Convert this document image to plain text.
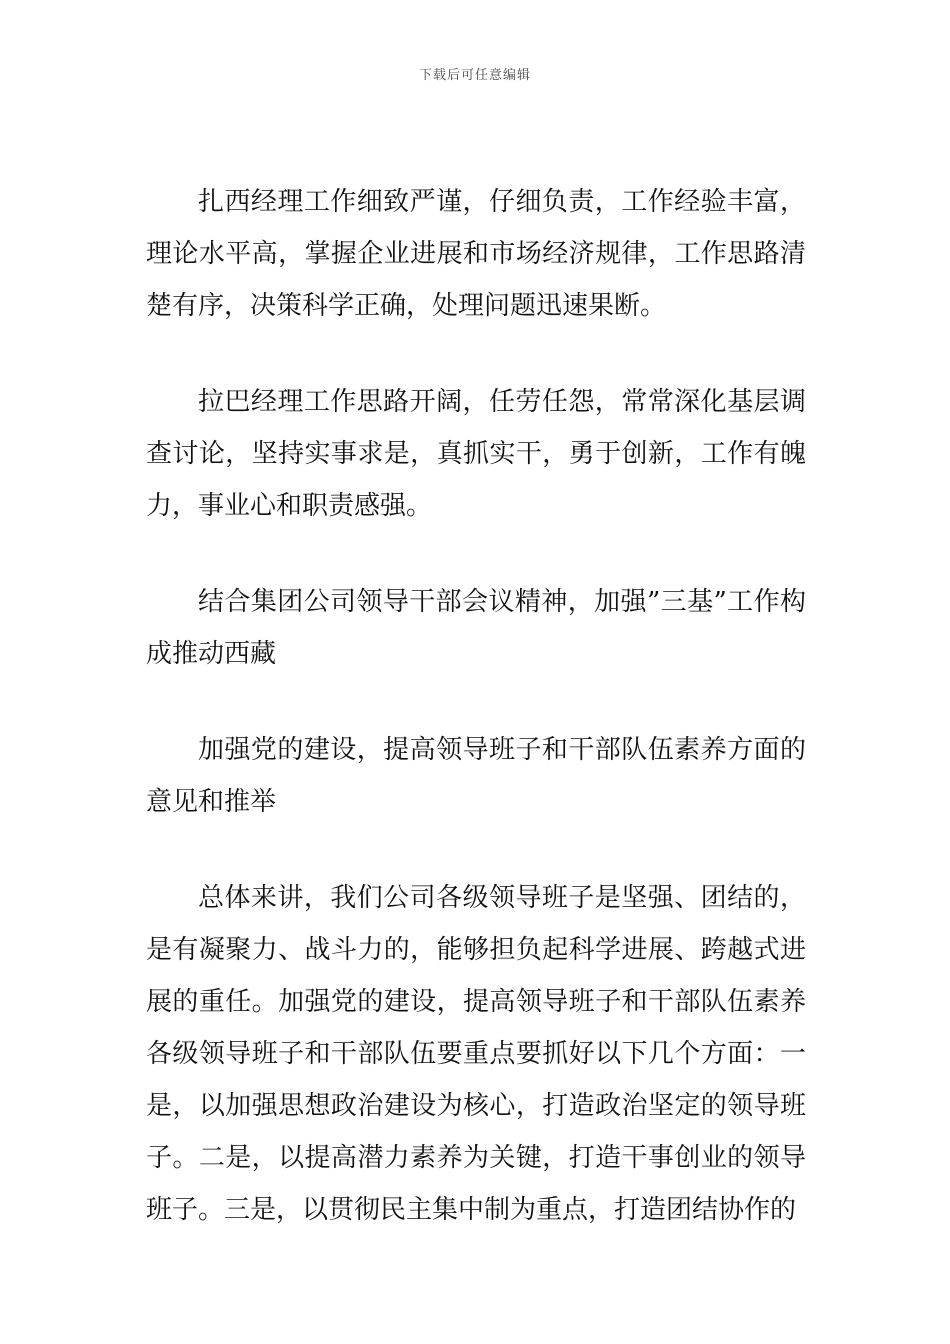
下载后可任意编辑

扎西经理工作细致严谨，仔细负责，工作经验丰富，理论水平高，掌握企业进展和市场经济规律，工作思路清楚有序，决策科学正确，处理问题迅速果断。

拉巴经理工作思路开阔，任劳任怨，常常深化基层调查讨论，坚持实事求是，真抓实干，勇于创新，工作有魄力，事业心和职责感强。

结合集团公司领导干部会议精神，加强”三基”工作构成推动西藏

加强党的建设，提高领导班子和干部队伍素养方面的意见和推举

总体来讲，我们公司各级领导班子是坚强、团结的，是有凝聚力、战斗力的，能够担负起科学进展、跨越式进展的重任。加强党的建设，提高领导班子和干部队伍素养各级领导班子和干部队伍要重点要抓好以下几个方面：一是，以加强思想政治建设为核心，打造政治坚定的领导班子。二是，以提高潜力素养为关键，打造干事创业的领导班子。三是，以贯彻民主集中制为重点，打造团结协作的
